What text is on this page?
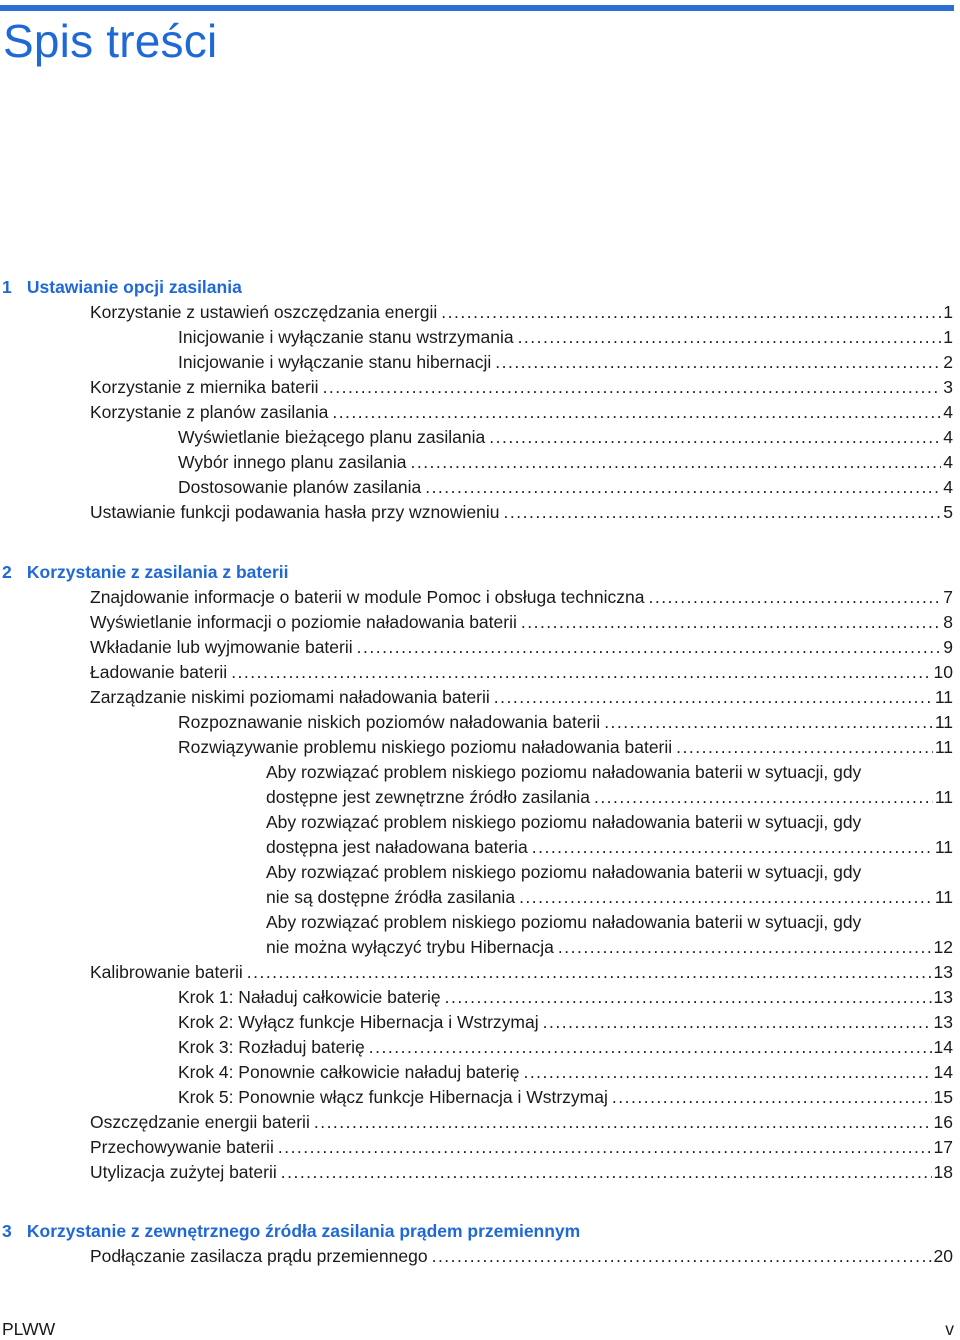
Spis treści
1 Ustawianie opcji zasilania
Korzystanie z ustawień oszczędzania energii .....	1
Inicjowanie i wyłączanie stanu wstrzymania .....	1
Inicjowanie i wyłączanie stanu hibernacji .....	2
Korzystanie z miernika baterii .....	3
Korzystanie z planów zasilania .....	4
Wyświetlanie bieżącego planu zasilania .....	4
Wybór innego planu zasilania .....	4
Dostosowanie planów zasilania .....	4
Ustawianie funkcji podawania hasła przy wznowieniu .....	5
2 Korzystanie z zasilania z baterii
Znajdowanie informacje o baterii w module Pomoc i obsługa techniczna .....	7
Wyświetlanie informacji o poziomie naładowania baterii .....	8
Wkładanie lub wyjmowanie baterii .....	9
Ładowanie baterii .....	10
Zarządzanie niskimi poziomami naładowania baterii .....	11
Rozpoznawanie niskich poziomów naładowania baterii .....	11
Rozwiązywanie problemu niskiego poziomu naładowania baterii .....	11
Aby rozwiązać problem niskiego poziomu naładowania baterii w sytuacji, gdy
dostępne jest zewnętrzne źródło zasilania .....	11
Aby rozwiązać problem niskiego poziomu naładowania baterii w sytuacji, gdy
dostępna jest naładowana bateria .....	11
Aby rozwiązać problem niskiego poziomu naładowania baterii w sytuacji, gdy
nie są dostępne źródła zasilania .....	11
Aby rozwiązać problem niskiego poziomu naładowania baterii w sytuacji, gdy
nie można wyłączyć trybu Hibernacja .....	12
Kalibrowanie baterii .....	13
Krok 1: Naładuj całkowicie baterię .....	13
Krok 2: Wyłącz funkcje Hibernacja i Wstrzymaj .....	13
Krok 3: Rozładuj baterię .....	14
Krok 4: Ponownie całkowicie naładuj baterię .....	14
Krok 5: Ponownie włącz funkcje Hibernacja i Wstrzymaj .....	15
Oszczędzanie energii baterii .....	16
Przechowywanie baterii .....	17
Utylizacja zużytej baterii .....	18
3 Korzystanie z zewnętrznego źródła zasilania prądem przemiennym
Podłączanie zasilacza prądu przemiennego .....	20
PLWW	v
